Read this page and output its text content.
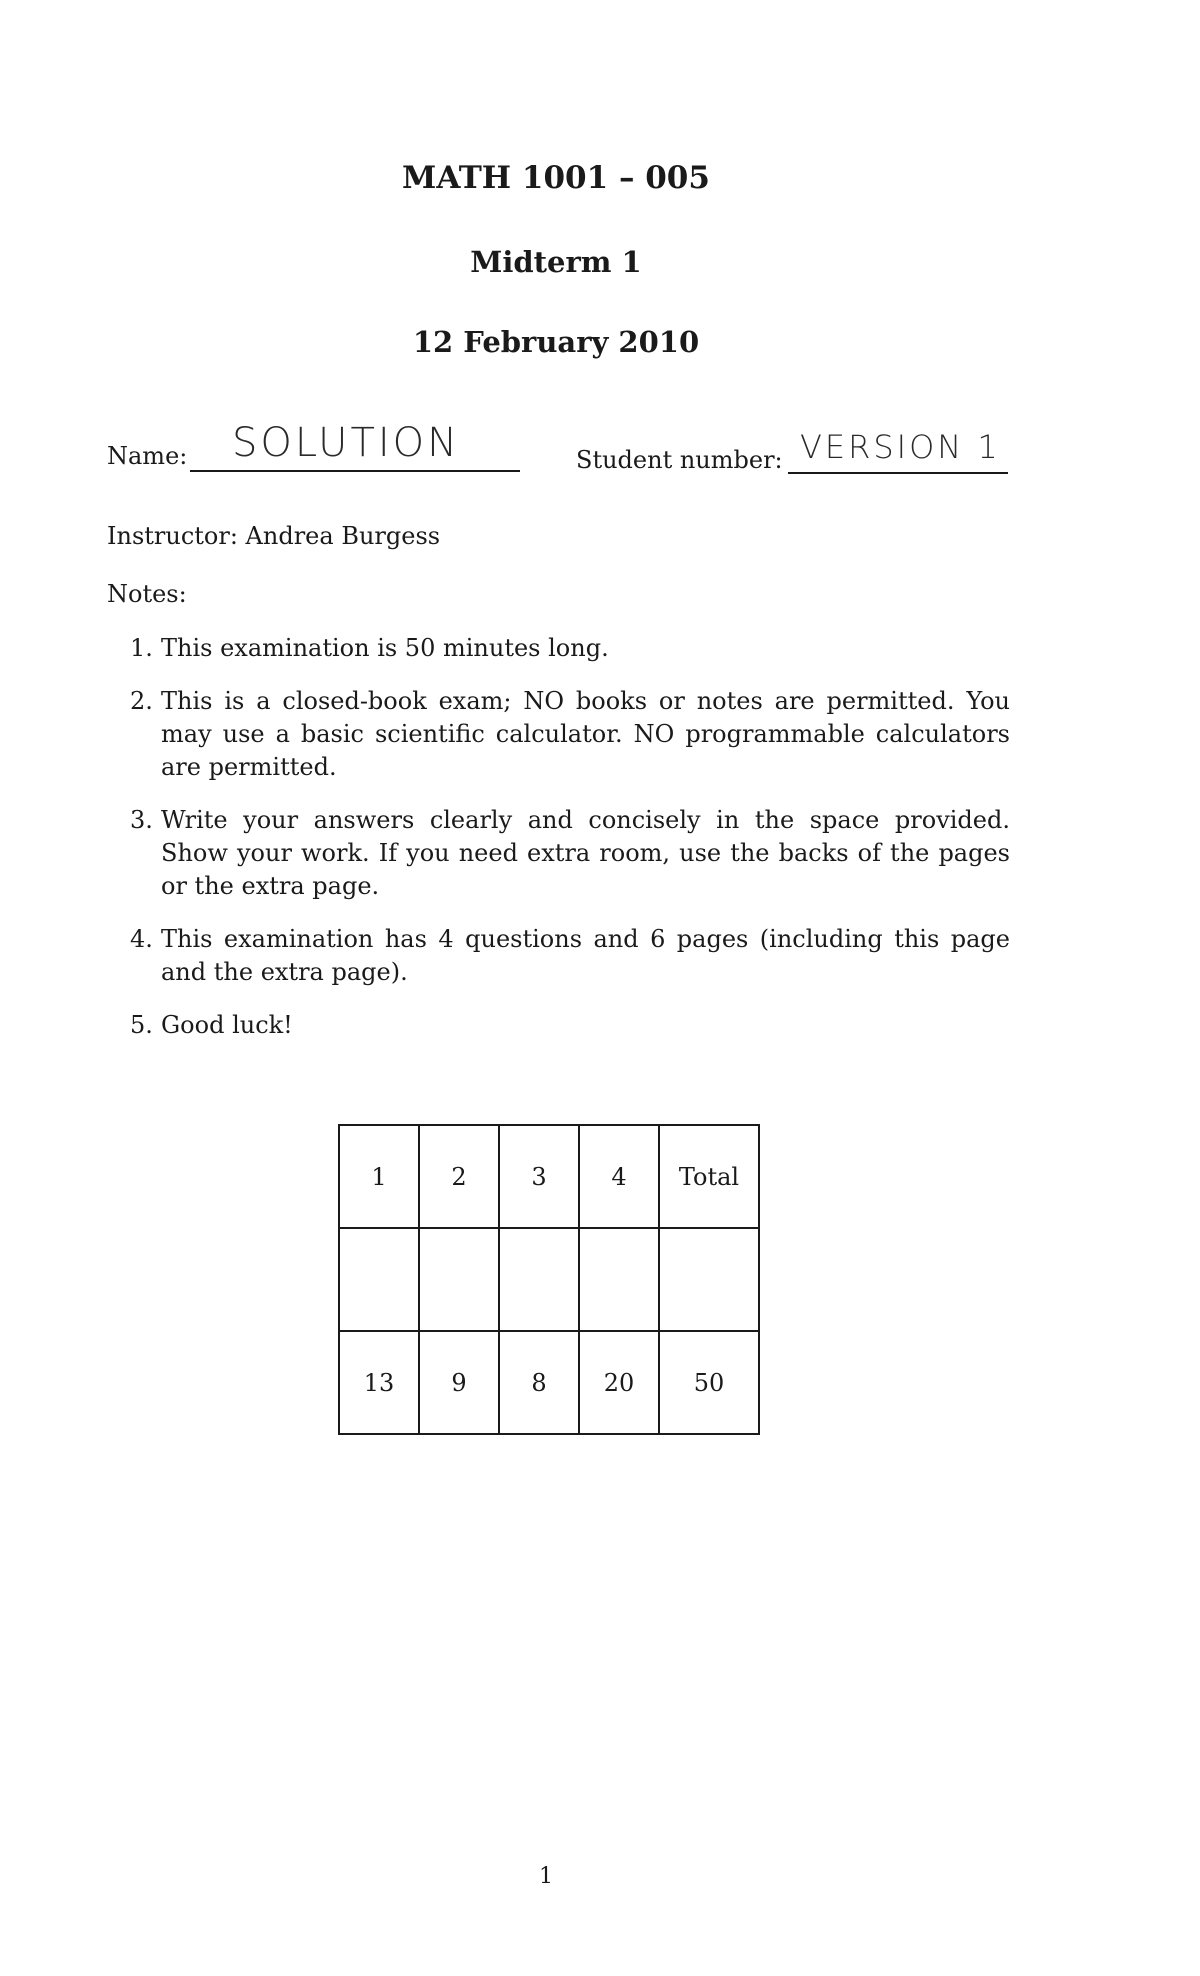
MATH 1001 – 005
Midterm 1
12 February 2010
Name: SOLUTION	Student number: VERSION 1
Instructor: Andrea Burgess
Notes:
1. This examination is 50 minutes long.
2. This is a closed-book exam; NO books or notes are permitted. You may use a basic scientific calculator. NO programmable calculators are permitted.
3. Write your answers clearly and concisely in the space provided. Show your work. If you need extra room, use the backs of the pages or the extra page.
4. This examination has 4 questions and 6 pages (including this page and the extra page).
5. Good luck!
1	2	3	4	Total

13	9	8	20	50
1
